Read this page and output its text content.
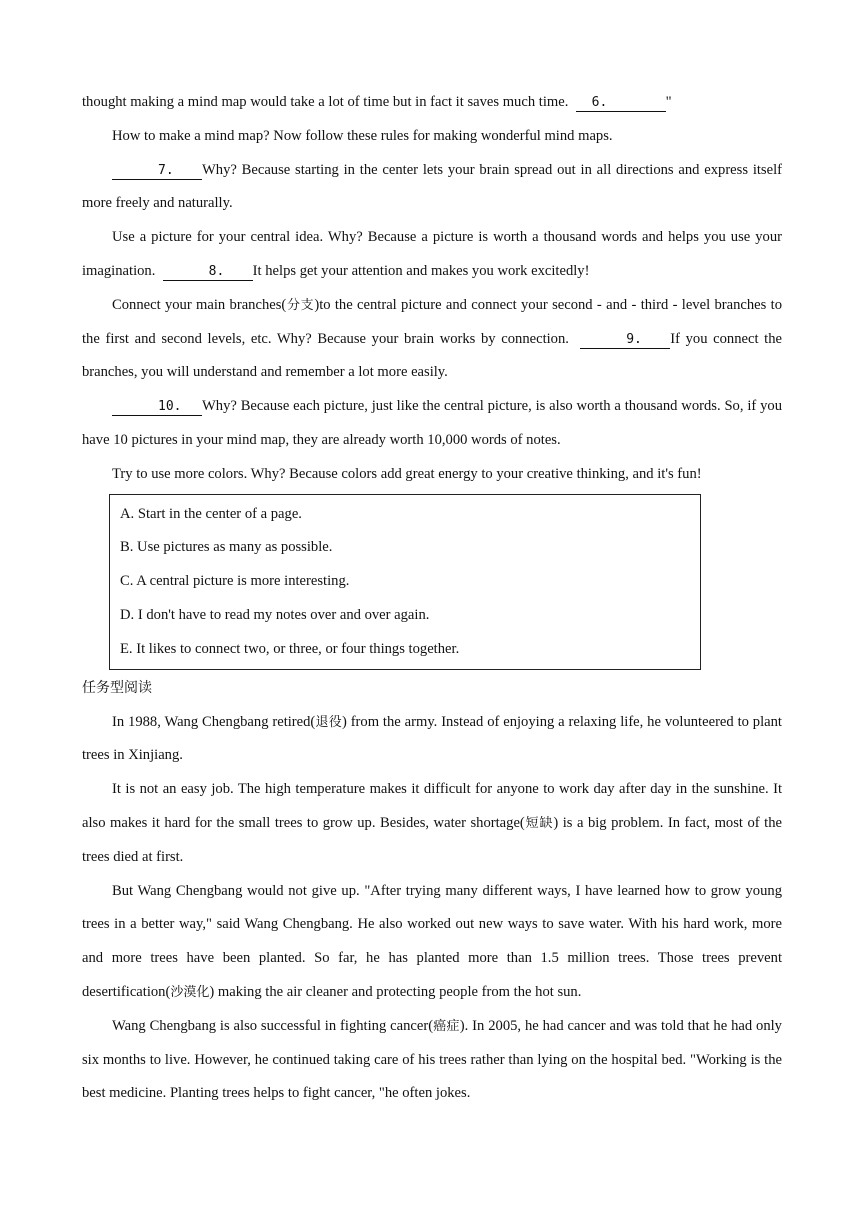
thought making a mind map would take a lot of time but in fact it saves much time. 6.	"

How to make a mind map? Now follow these rules for making wonderful mind maps.

7. Why? Because starting in the center lets your brain spread out in all directions and express itself more freely and naturally.

Use a picture for your central idea. Why? Because a picture is worth a thousand words and helps you use your imagination.	8. It helps get your attention and makes you work excitedly!

Connect your main branches(分支)to the central picture and connect your second - and - third - level branches to the first and second levels, etc. Why? Because your brain works by connection.	9. If you connect the branches, you will understand and remember a lot more easily.

10. Why? Because each picture, just like the central picture, is also worth a thousand words. So, if you have 10 pictures in your mind map, they are already worth 10,000 words of notes.

Try to use more colors. Why? Because colors add great energy to your creative thinking, and it's fun!

A. Start in the center of a page.

B. Use pictures as many as possible.

C. A central picture is more interesting.

D. I don't have to read my notes over and over again.

E. It likes to connect two, or three, or four things together.

任务型阅读

In 1988, Wang Chengbang retired(退役) from the army. Instead of enjoying a relaxing life, he volunteered to plant trees in Xinjiang.

It is not an easy job. The high temperature makes it difficult for anyone to work day after day in the sunshine. It also makes it hard for the small trees to grow up. Besides, water shortage(短缺) is a big problem. In fact, most of the trees died at first.

But Wang Chengbang would not give up. "After trying many different ways, I have learned how to grow young trees in a better way," said Wang Chengbang. He also worked out new ways to save water. With his hard work, more and more trees have been planted. So far, he has planted more than 1.5 million trees. Those trees prevent desertification(沙漠化) making the air cleaner and protecting people from the hot sun.

Wang Chengbang is also successful in fighting cancer(癌症). In 2005, he had cancer and was told that he had only six months to live. However, he continued taking care of his trees rather than lying on the hospital bed. "Working is the best medicine. Planting trees helps to fight cancer, "he often jokes.
